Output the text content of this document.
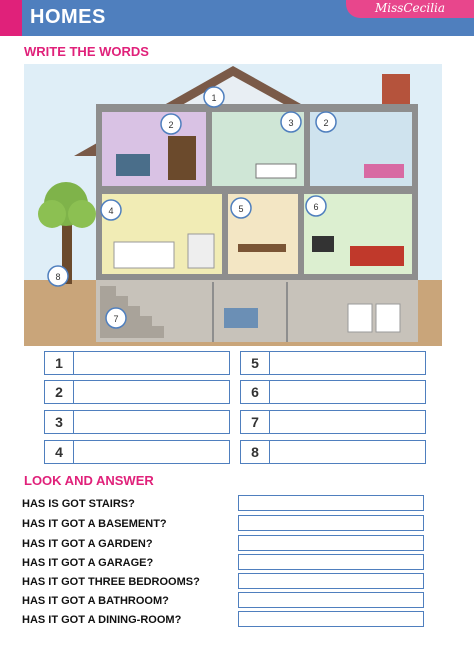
HOMES	MissCecilia
WRITE THE WORDS
1
2	3	2
4	5	6
8
7
1
2
3
4
5
6
7
8
LOOK AND ANSWER
HAS IS GOT STAIRS?
HAS IT GOT A BASEMENT?
HAS IT GOT A GARDEN?
HAS IT GOT A GARAGE?
HAS IT GOT THREE BEDROOMS?
HAS IT GOT A BATHROOM?
HAS IT GOT A DINING-ROOM?
